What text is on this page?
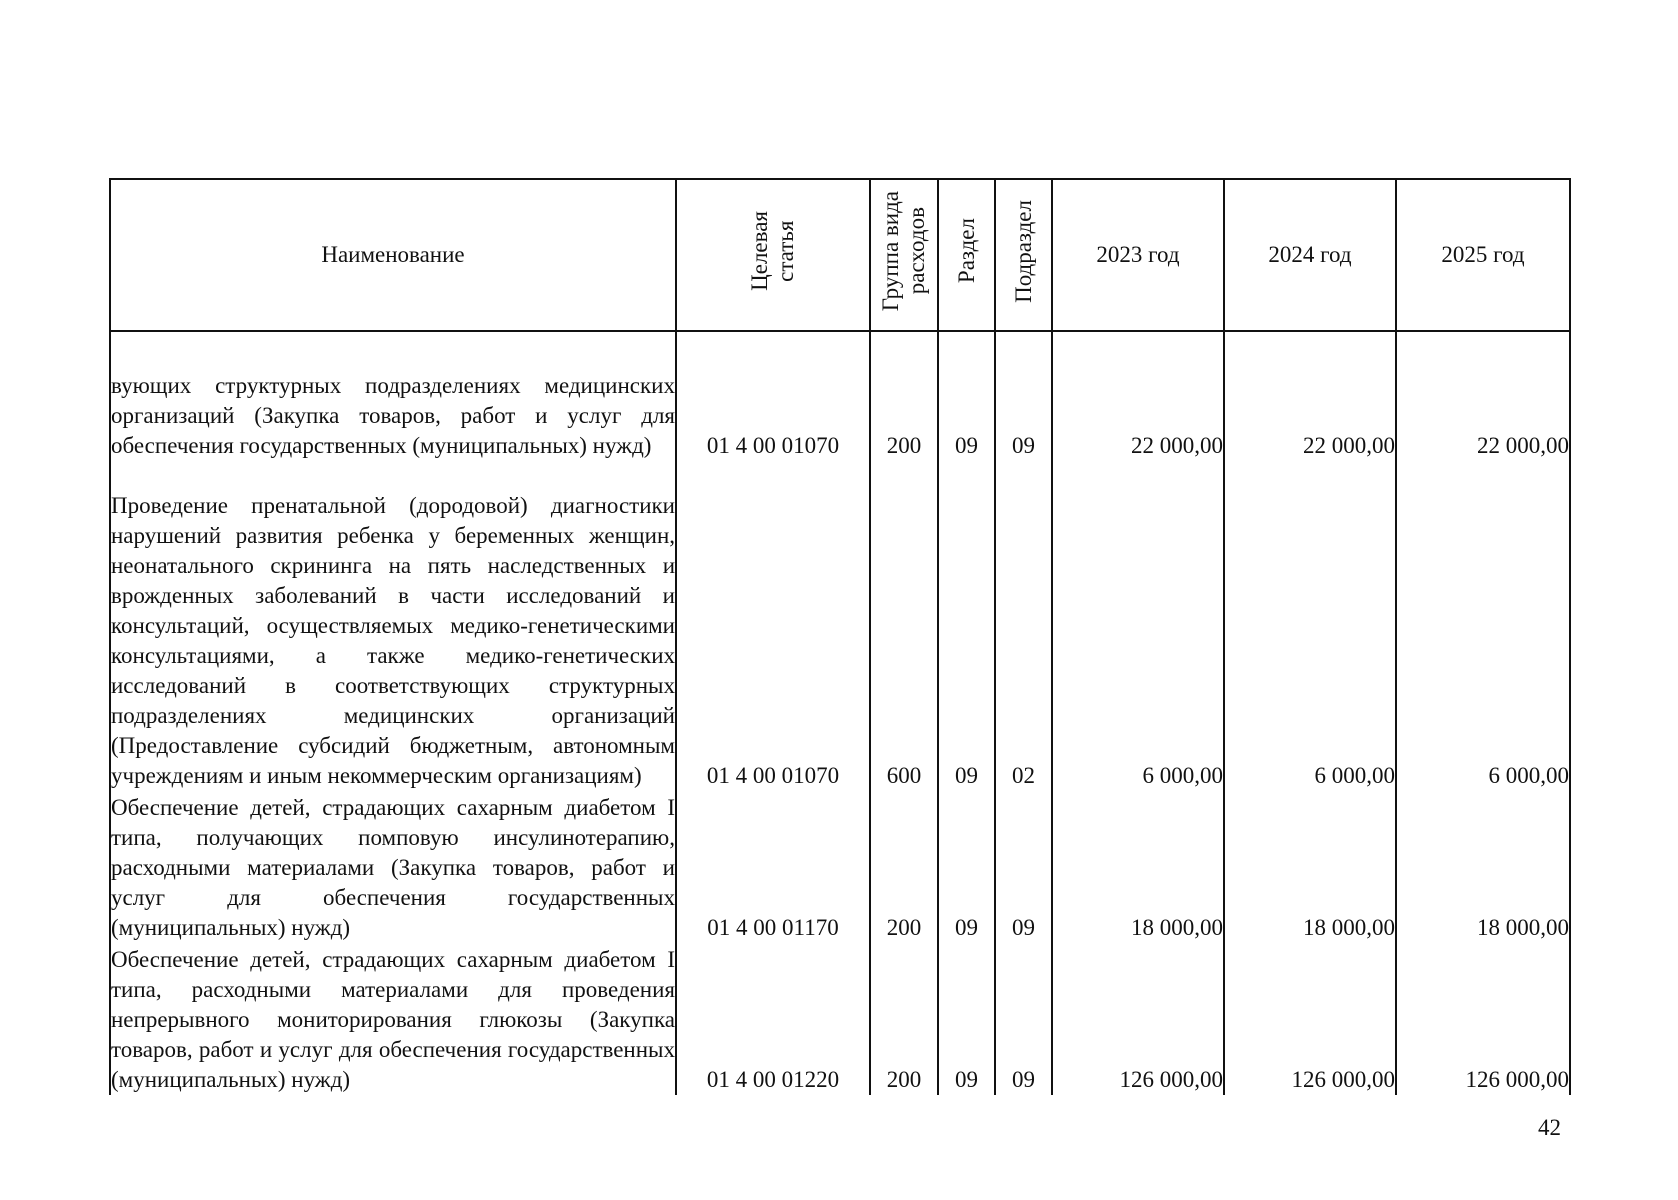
Наименование	Целевая статья	Группа вида расходов	Раздел	Подраздел	2023 год	2024 год	2025 год
вующих структурных подразделениях медицинских организаций (Закупка товаров, работ и услуг для обеспечения государственных (муниципальных) нужд)	01 4 00 01070	200	09	09	22 000,00	22 000,00	22 000,00
Проведение пренатальной (дородовой) диагностики нарушений развития ребенка у беременных женщин, неонатального скрининга на пять наследственных и врожденных заболеваний в части исследований и консультаций, осуществляемых медико-генетическими консультациями, а также медико-генетических исследований в соответствующих структурных подразделениях медицинских организаций (Предоставление субсидий бюджетным, автономным учреждениям и иным некоммерческим организациям)	01 4 00 01070	600	09	02	6 000,00	6 000,00	6 000,00
Обеспечение детей, страдающих сахарным диабетом I типа, получающих помповую инсулинотерапию, расходными материалами (Закупка товаров, работ и услуг для обеспечения государственных (муниципальных) нужд)	01 4 00 01170	200	09	09	18 000,00	18 000,00	18 000,00
Обеспечение детей, страдающих сахарным диабетом I типа, расходными материалами для проведения непрерывного мониторирования глюкозы (Закупка товаров, работ и услуг для обеспечения государственных (муниципальных) нужд)	01 4 00 01220	200	09	09	126 000,00	126 000,00	126 000,00
42
